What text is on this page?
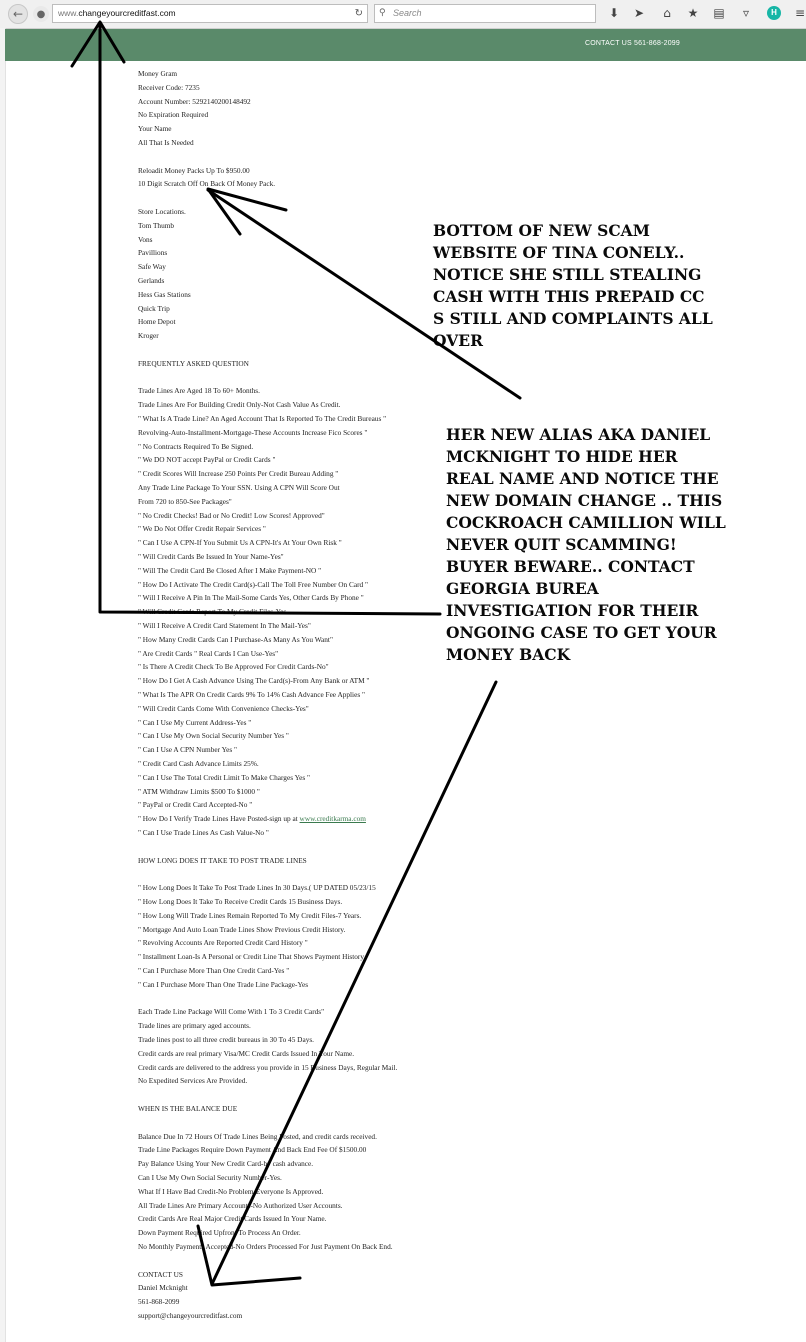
←	●	www.changeyourcreditfast.com	↻ ⚲ Search	⬇ ➤	⌂	★ ▤	▿	H	≡
CONTACT US 561-868-2099
Money Gram
Receiver Code: 7235
Account Number: 5292140200148492
No Expiration Required
Your Name
All That Is Needed
Reloadit Money Packs Up To $950.00
10 Digit Scratch Off On Back Of Money Pack.
Store Locations.
Tom Thumb
Vons
Pavillions
Safe Way
Gerlands
Hess Gas Stations
Quick Trip
Home Depot
Kroger
FREQUENTLY ASKED QUESTION
Trade Lines Are Aged 18 To 60+ Months.
Trade Lines Are For Building Credit Only-Not Cash Value As Credit.
" What Is A Trade Line? An Aged Account That Is Reported To The Credit Bureaus "
Revolving-Auto-Installment-Mortgage-These Accounts Increase Fico Scores "
" No Contracts Required To Be Signed.
" We DO NOT accept PayPal or Credit Cards "
" Credit Scores Will Increase 250 Points Per Credit Bureau Adding "
Any Trade Line Package To Your SSN. Using A CPN Will Score Out
From 720 to 850-See Packages"
" No Credit Checks! Bad or No Credit! Low Scores! Approved"
" We Do Not Offer Credit Repair Services "
" Can I Use A CPN-If You Submit Us A CPN-It's At Your Own Risk "
" Will Credit Cards Be Issued In Your Name-Yes"
" Will The Credit Card Be Closed After I Make Payment-NO "
" How Do I Activate The Credit Card(s)-Call The Toll Free Number On Card "
" Will I Receive A Pin In The Mail-Some Cards Yes, Other Cards By Phone "
" Will Credit Cards Report To My Credit Files-Yes
" Will I Receive A Credit Card Statement In The Mail-Yes"
" How Many Credit Cards Can I Purchase-As Many As You Want"
" Are Credit Cards " Real Cards I Can Use-Yes"
" Is There A Credit Check To Be Approved For Credit Cards-No"
" How Do I Get A Cash Advance Using The Card(s)-From Any Bank or ATM "
" What Is The APR On Credit Cards 9% To 14% Cash Advance Fee Applies "
" Will Credit Cards Come With Convenience Checks-Yes"
" Can I Use My Current Address-Yes "
" Can I Use My Own Social Security Number Yes "
" Can I Use A CPN Number Yes "
" Credit Card Cash Advance Limits 25%.
" Can I Use The Total Credit Limit To Make Charges Yes "
" ATM Withdraw Limits $500 To $1000 "
" PayPal or Credit Card Accepted-No "
" How Do I Verify Trade Lines Have Posted-sign up at www.creditkarma.com
" Can I Use Trade Lines As Cash Value-No "
HOW LONG DOES IT TAKE TO POST TRADE LINES
" How Long Does It Take To Post Trade Lines In 30 Days.( UP DATED 05/23/15
" How Long Does It Take To Receive Credit Cards 15 Business Days.
" How Long Will Trade Lines Remain Reported To My Credit Files-7 Years.
" Mortgage And Auto Loan Trade Lines Show Previous Credit History.
" Revolving Accounts Are Reported Credit Card History "
" Installment Loan-Is A Personal or Credit Line That Shows Payment History "
" Can I Purchase More Than One Credit Card-Yes "
" Can I Purchase More Than One Trade Line Package-Yes
Each Trade Line Package Will Come With 1 To 3 Credit Cards"
Trade lines are primary aged accounts.
Trade lines post to all three credit bureaus in 30 To 45 Days.
Credit cards are real primary Visa/MC Credit Cards Issued In Your Name.
Credit cards are delivered to the address you provide in 15 Business Days, Regular Mail.
No Expedited Services Are Provided.
WHEN IS THE BALANCE DUE
Balance Due In 72 Hours Of Trade Lines Being Posted, and credit cards received.
Trade Line Packages Require Down Payment And Back End Fee Of $1500.00
Pay Balance Using Your New Credit Card-by cash advance.
Can I Use My Own Social Security Number-Yes.
What If I Have Bad Credit-No Problem-Everyone Is Approved.
All Trade Lines Are Primary Accounts-No Authorized User Accounts.
Credit Cards Are Real Major Credit Cards Issued In Your Name.
Down Payment Required Upfront To Process An Order.
No Monthly Payments Accepted-No Orders Processed For Just Payment On Back End.
CONTACT US
Daniel Mcknight
561-868-2099
support@changeyourcreditfast.com
BOTTOM OF NEW SCAM
WEBSITE OF TINA CONELY..
NOTICE SHE STILL STEALING
CASH WITH THIS PREPAID CC
S STILL AND COMPLAINTS ALL
OVER
HER NEW ALIAS AKA DANIEL
MCKNIGHT TO HIDE HER
REAL NAME AND NOTICE THE
NEW DOMAIN CHANGE .. THIS
COCKROACH CAMILLION WILL
NEVER QUIT SCAMMING!
BUYER BEWARE.. CONTACT
GEORGIA BUREA
INVESTIGATION FOR THEIR
ONGOING CASE TO GET YOUR
MONEY BACK
